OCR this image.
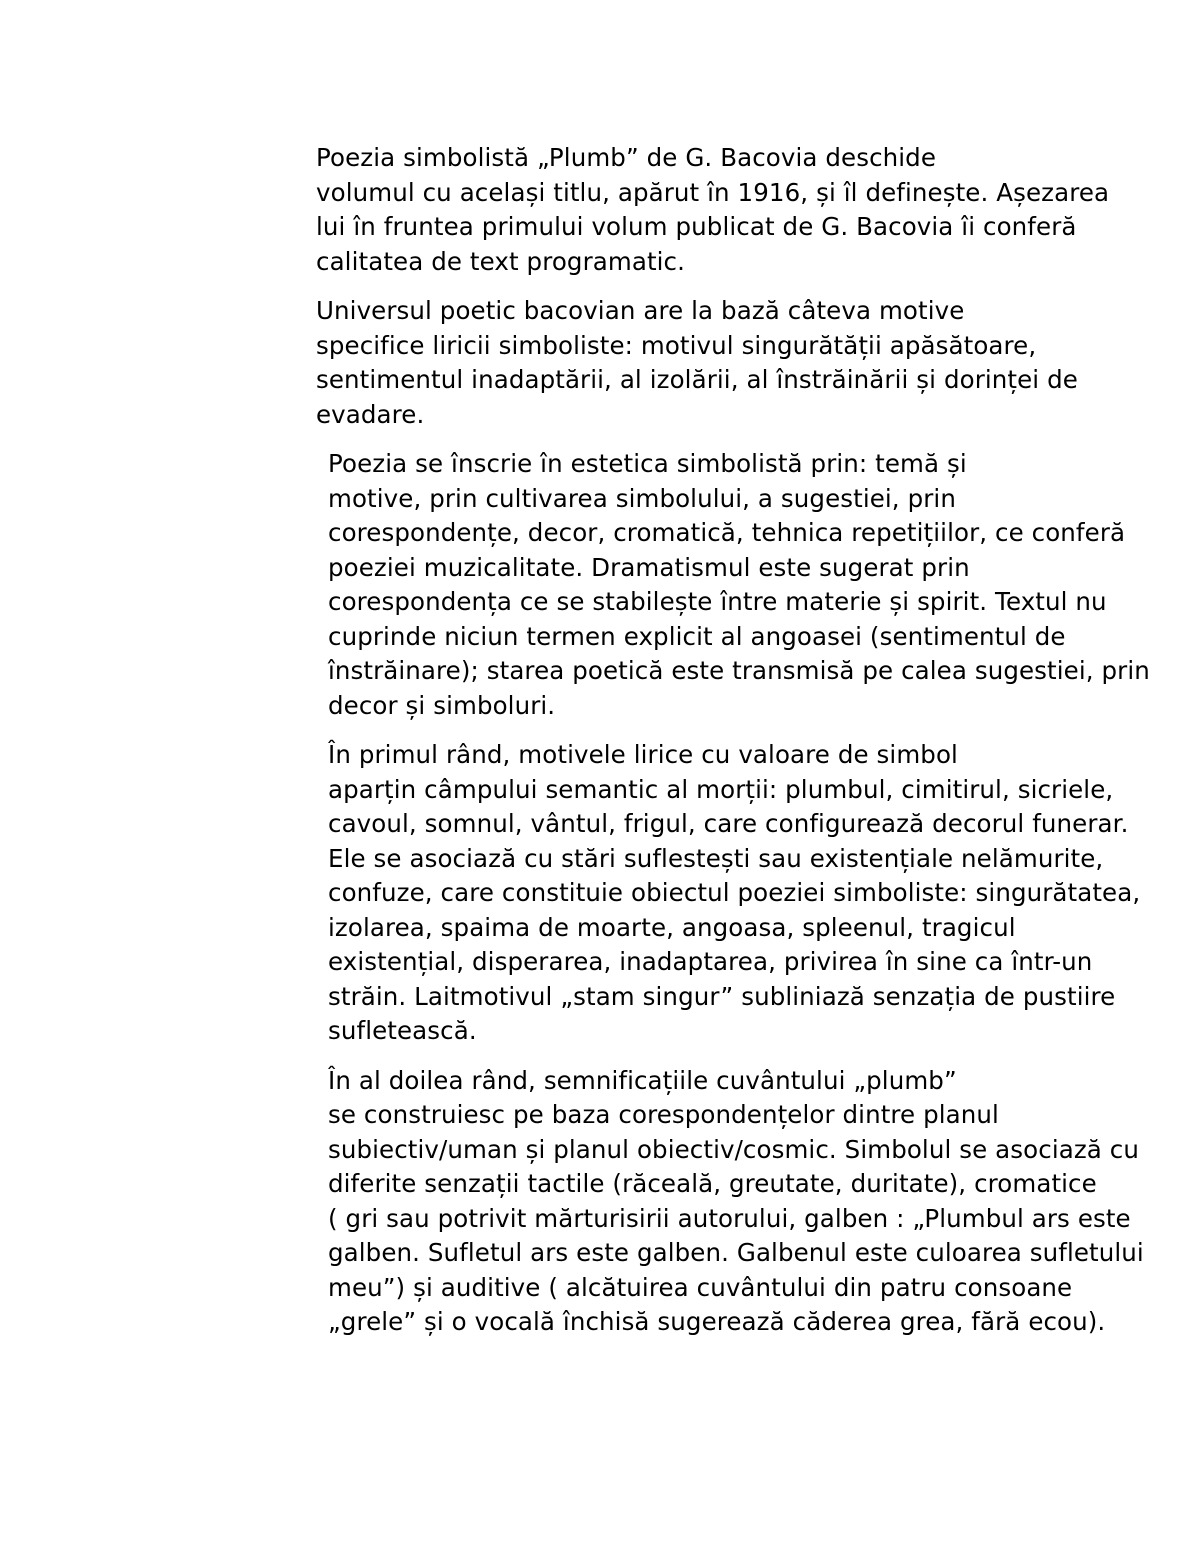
Poezia simbolistă „Plumb” de G. Bacovia deschide
volumul cu același titlu, apărut în 1916, și îl definește. Așezarea
lui în fruntea primului volum publicat de G. Bacovia îi conferă
calitatea de text programatic.

Universul poetic bacovian are la bază câteva motive
specifice liricii simboliste: motivul singurătății apăsătoare,
sentimentul inadaptării, al izolării, al înstrăinării și dorinței de
evadare.

Poezia se înscrie în estetica simbolistă prin: temă și
motive, prin cultivarea simbolului, a sugestiei, prin
corespondențe, decor, cromatică, tehnica repetițiilor, ce conferă
poeziei muzicalitate. Dramatismul este sugerat prin
corespondența ce se stabilește între materie și spirit. Textul nu
cuprinde niciun termen explicit al angoasei (sentimentul de
înstrăinare); starea poetică este transmisă pe calea sugestiei, prin
decor și simboluri.

În primul rând, motivele lirice cu valoare de simbol
aparțin câmpului semantic al morții: plumbul, cimitirul, sicriele,
cavoul, somnul, vântul, frigul, care configurează decorul funerar.
Ele se asociază cu stări suflestești sau existențiale nelămurite,
confuze, care constituie obiectul poeziei simboliste: singurătatea,
izolarea, spaima de moarte, angoasa, spleenul, tragicul
existențial, disperarea, inadaptarea, privirea în sine ca într-un
străin. Laitmotivul „stam singur” subliniază senzația de pustiire
sufletească.

În al doilea rând, semnificațiile cuvântului „plumb”
se construiesc pe baza corespondențelor dintre planul
subiectiv/uman și planul obiectiv/cosmic. Simbolul se asociază cu
diferite senzații tactile (răceală, greutate, duritate), cromatice
( gri sau potrivit mărturisirii autorului, galben : „Plumbul ars este
galben. Sufletul ars este galben. Galbenul este culoarea sufletului
meu”) și auditive ( alcătuirea cuvântului din patru consoane
„grele” și o vocală închisă sugerează căderea grea, fără ecou).
